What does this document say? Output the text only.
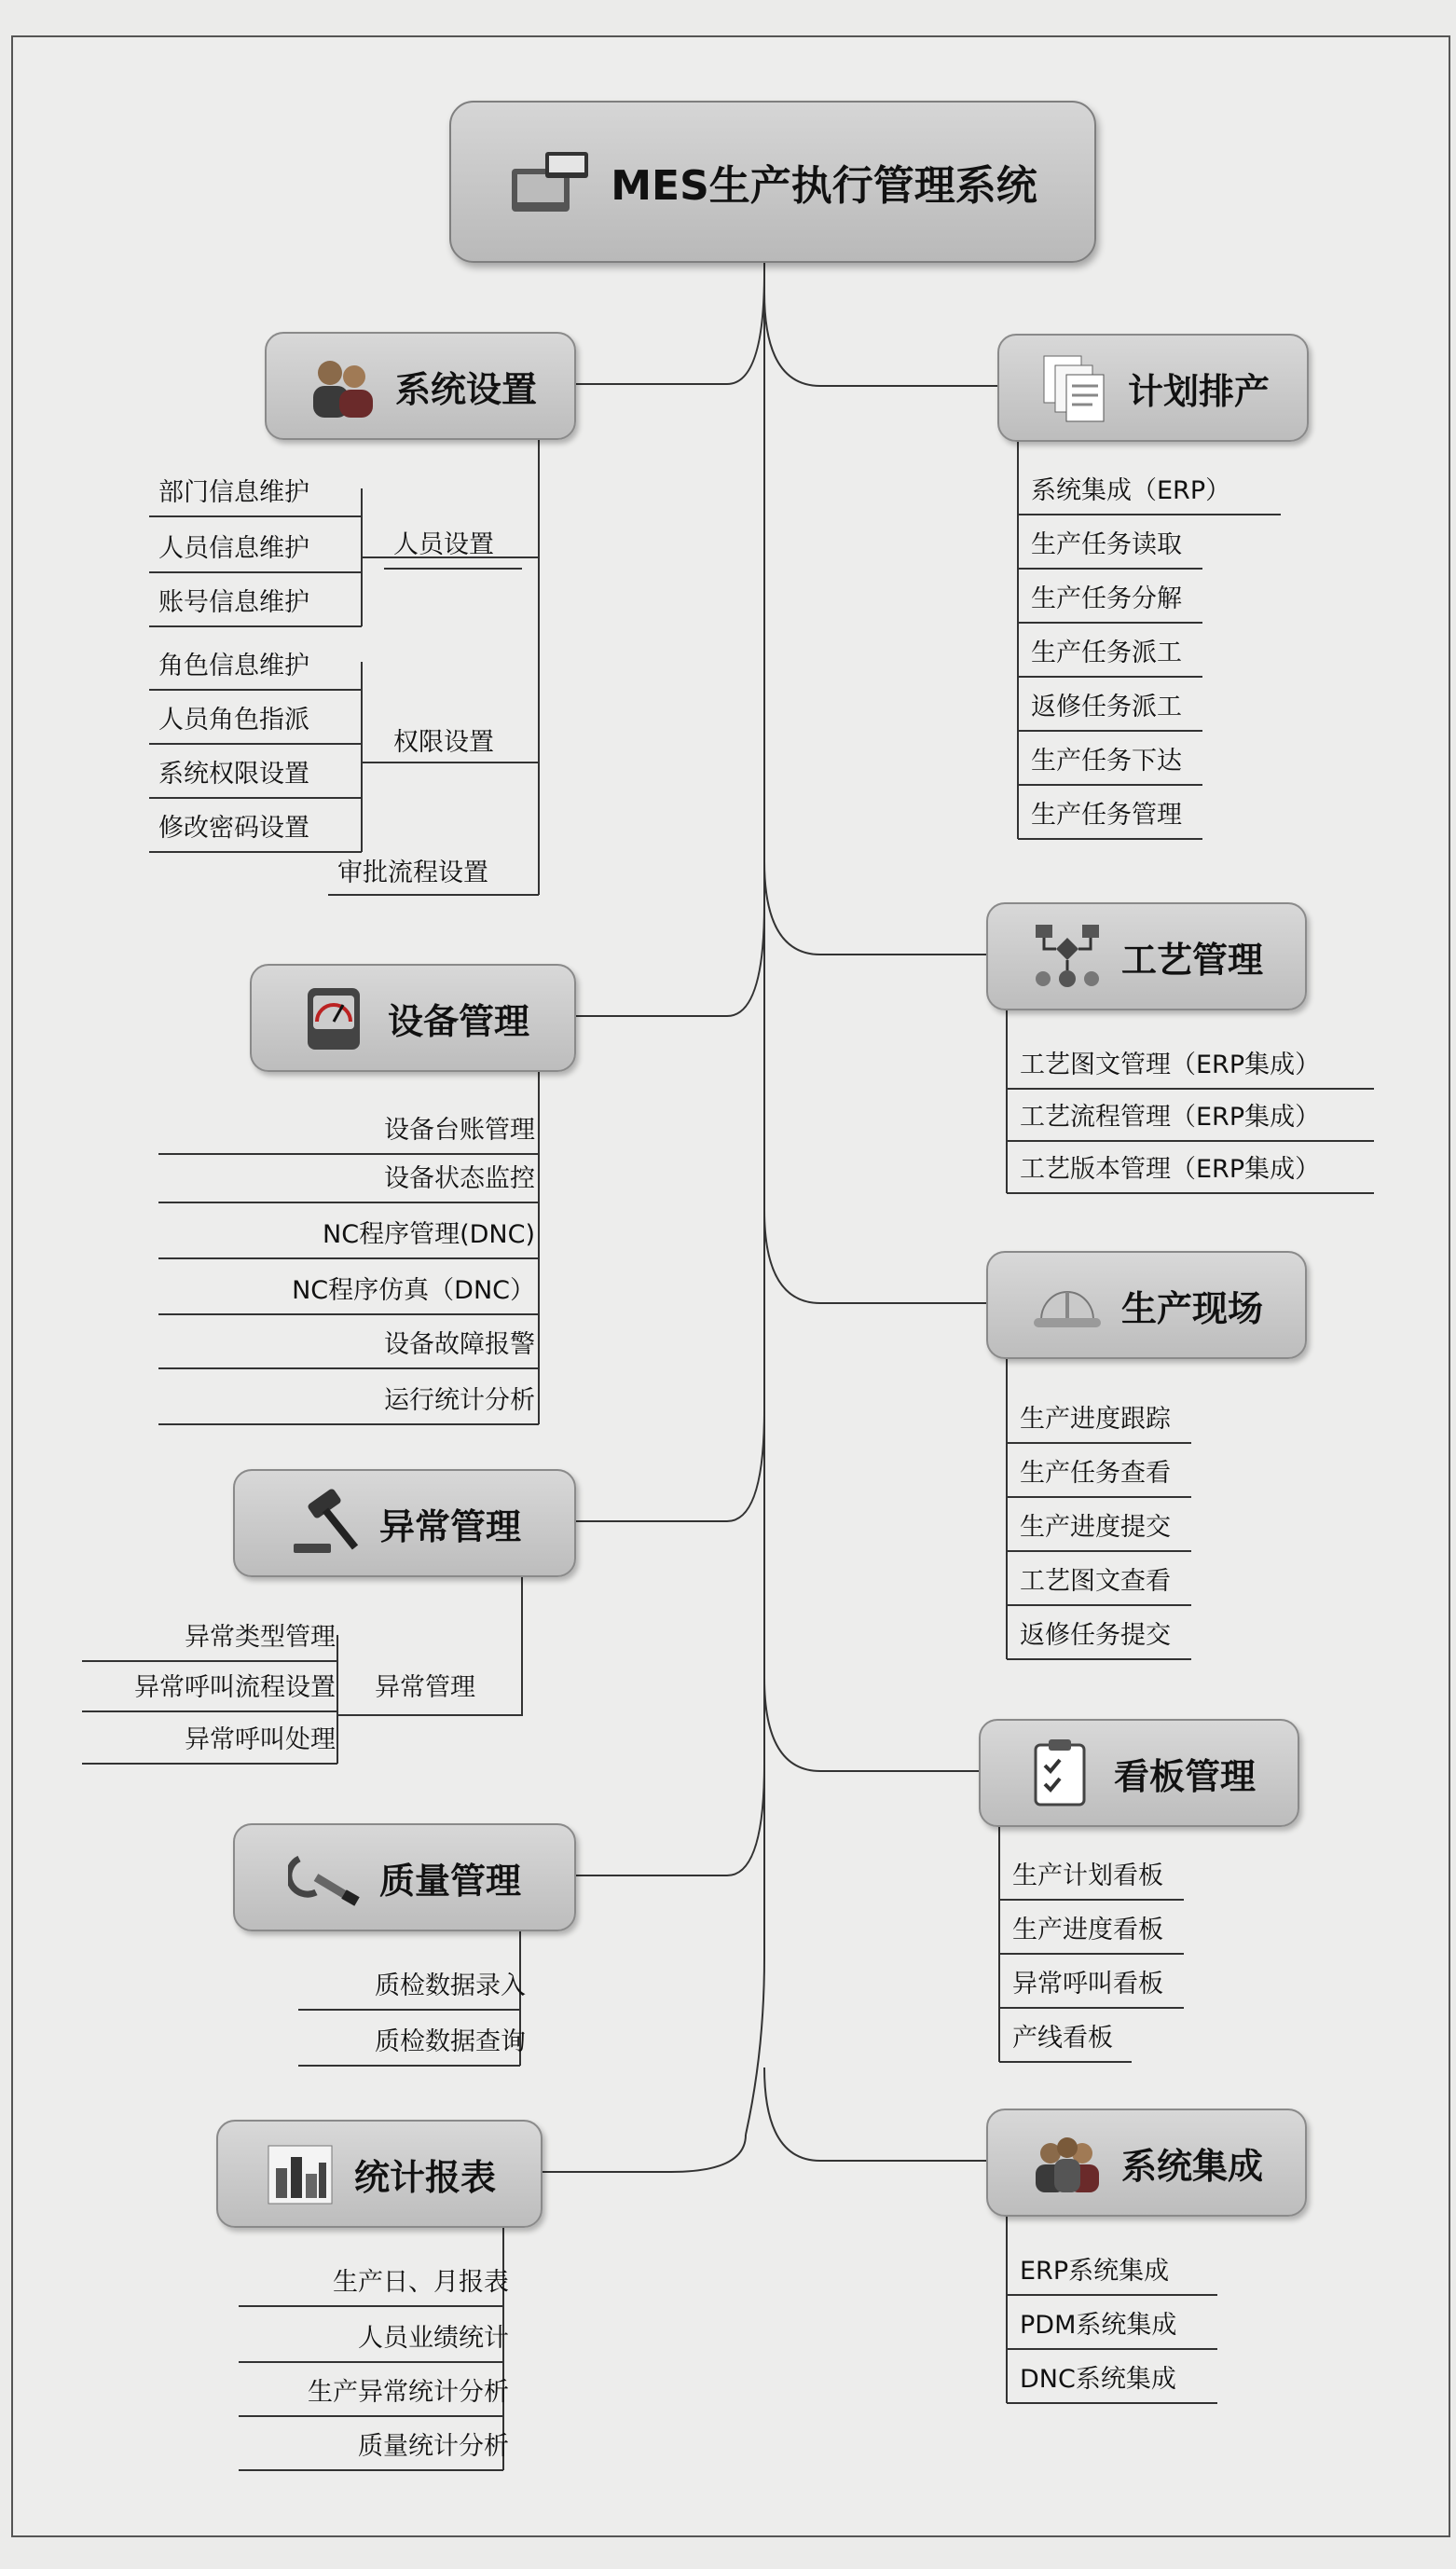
MES生产执行管理系统
计划排产
系统集成（ERP）
生产任务读取
生产任务分解
生产任务派工
返修任务派工
生产任务下达
生产任务管理
工艺管理
工艺图文管理（ERP集成）
工艺流程管理（ERP集成）
工艺版本管理（ERP集成）
生产现场
生产进度跟踪
生产任务查看
生产进度提交
工艺图文查看
返修任务提交
看板管理
生产计划看板
生产进度看板
异常呼叫看板
产线看板
系统集成
ERP系统集成
PDM系统集成
DNC系统集成
系统设置
部门信息维护
人员信息维护
账号信息维护
人员设置
角色信息维护
人员角色指派
系统权限设置
修改密码设置
权限设置
审批流程设置
设备管理
设备台账管理
设备状态监控
NC程序管理(DNC)
NC程序仿真（DNC）
设备故障报警
运行统计分析
异常管理
异常类型管理
异常呼叫流程设置
异常呼叫处理
异常管理
质量管理
质检数据录入
质检数据查询
统计报表
生产日、月报表
人员业绩统计
生产异常统计分析
质量统计分析
